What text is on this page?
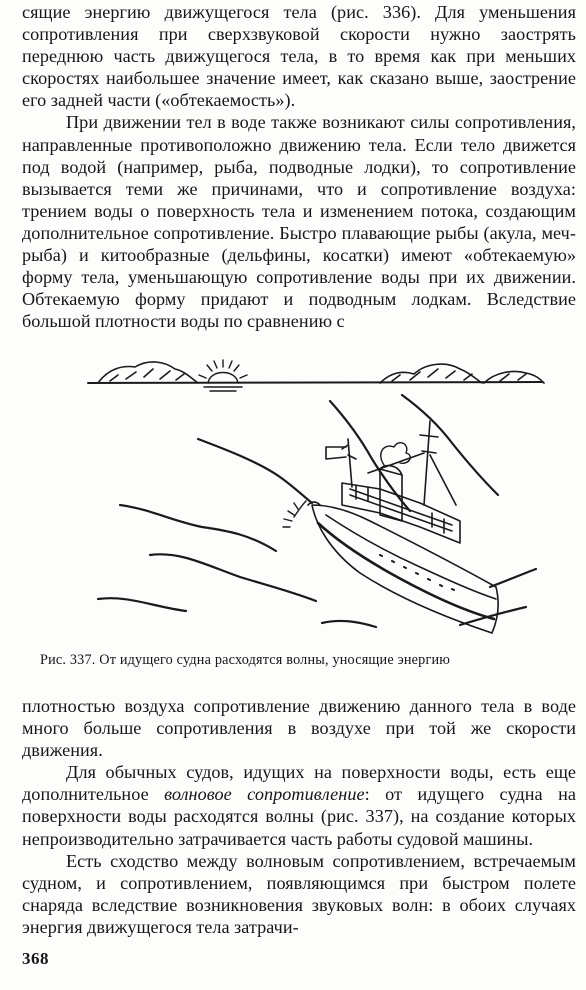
сящие энергию движущегося тела (рис. 336). Для уменьшения сопротивления при сверхзвуковой скорости нужно заострять переднюю часть движущегося тела, в то время как при меньших скоростях наибольшее значение имеет, как сказано выше, заострение его задней части («обтекаемость»).

При движении тел в воде также возникают силы сопротивления, направленные противоположно движению тела. Если тело движется под водой (например, рыба, подводные лодки), то сопротивление вызывается теми же причинами, что и сопротивление воздуха: трением воды о поверхность тела и изменением потока, создающим дополнительное сопротивление. Быстро плавающие рыбы (акула, меч-рыба) и китообразные (дельфины, косатки) имеют «обтекаемую» форму тела, уменьшающую сопротивление воды при их движении. Обтекаемую форму придают и подводным лодкам. Вследствие большой плотности воды по сравнению с

Рис. 337. От идущего судна расходятся волны, уносящие энергию

плотностью воздуха сопротивление движению данного тела в воде много больше сопротивления в воздухе при той же скорости движения.

Для обычных судов, идущих на поверхности воды, есть еще дополнительное волновое сопротивление: от идущего судна на поверхности воды расходятся волны (рис. 337), на создание которых непроизводительно затрачивается часть работы судовой машины.

Есть сходство между волновым сопротивлением, встречаемым судном, и сопротивлением, появляющимся при быстром полете снаряда вследствие возникновения звуковых волн: в обоих случаях энергия движущегося тела затрачи-

368
